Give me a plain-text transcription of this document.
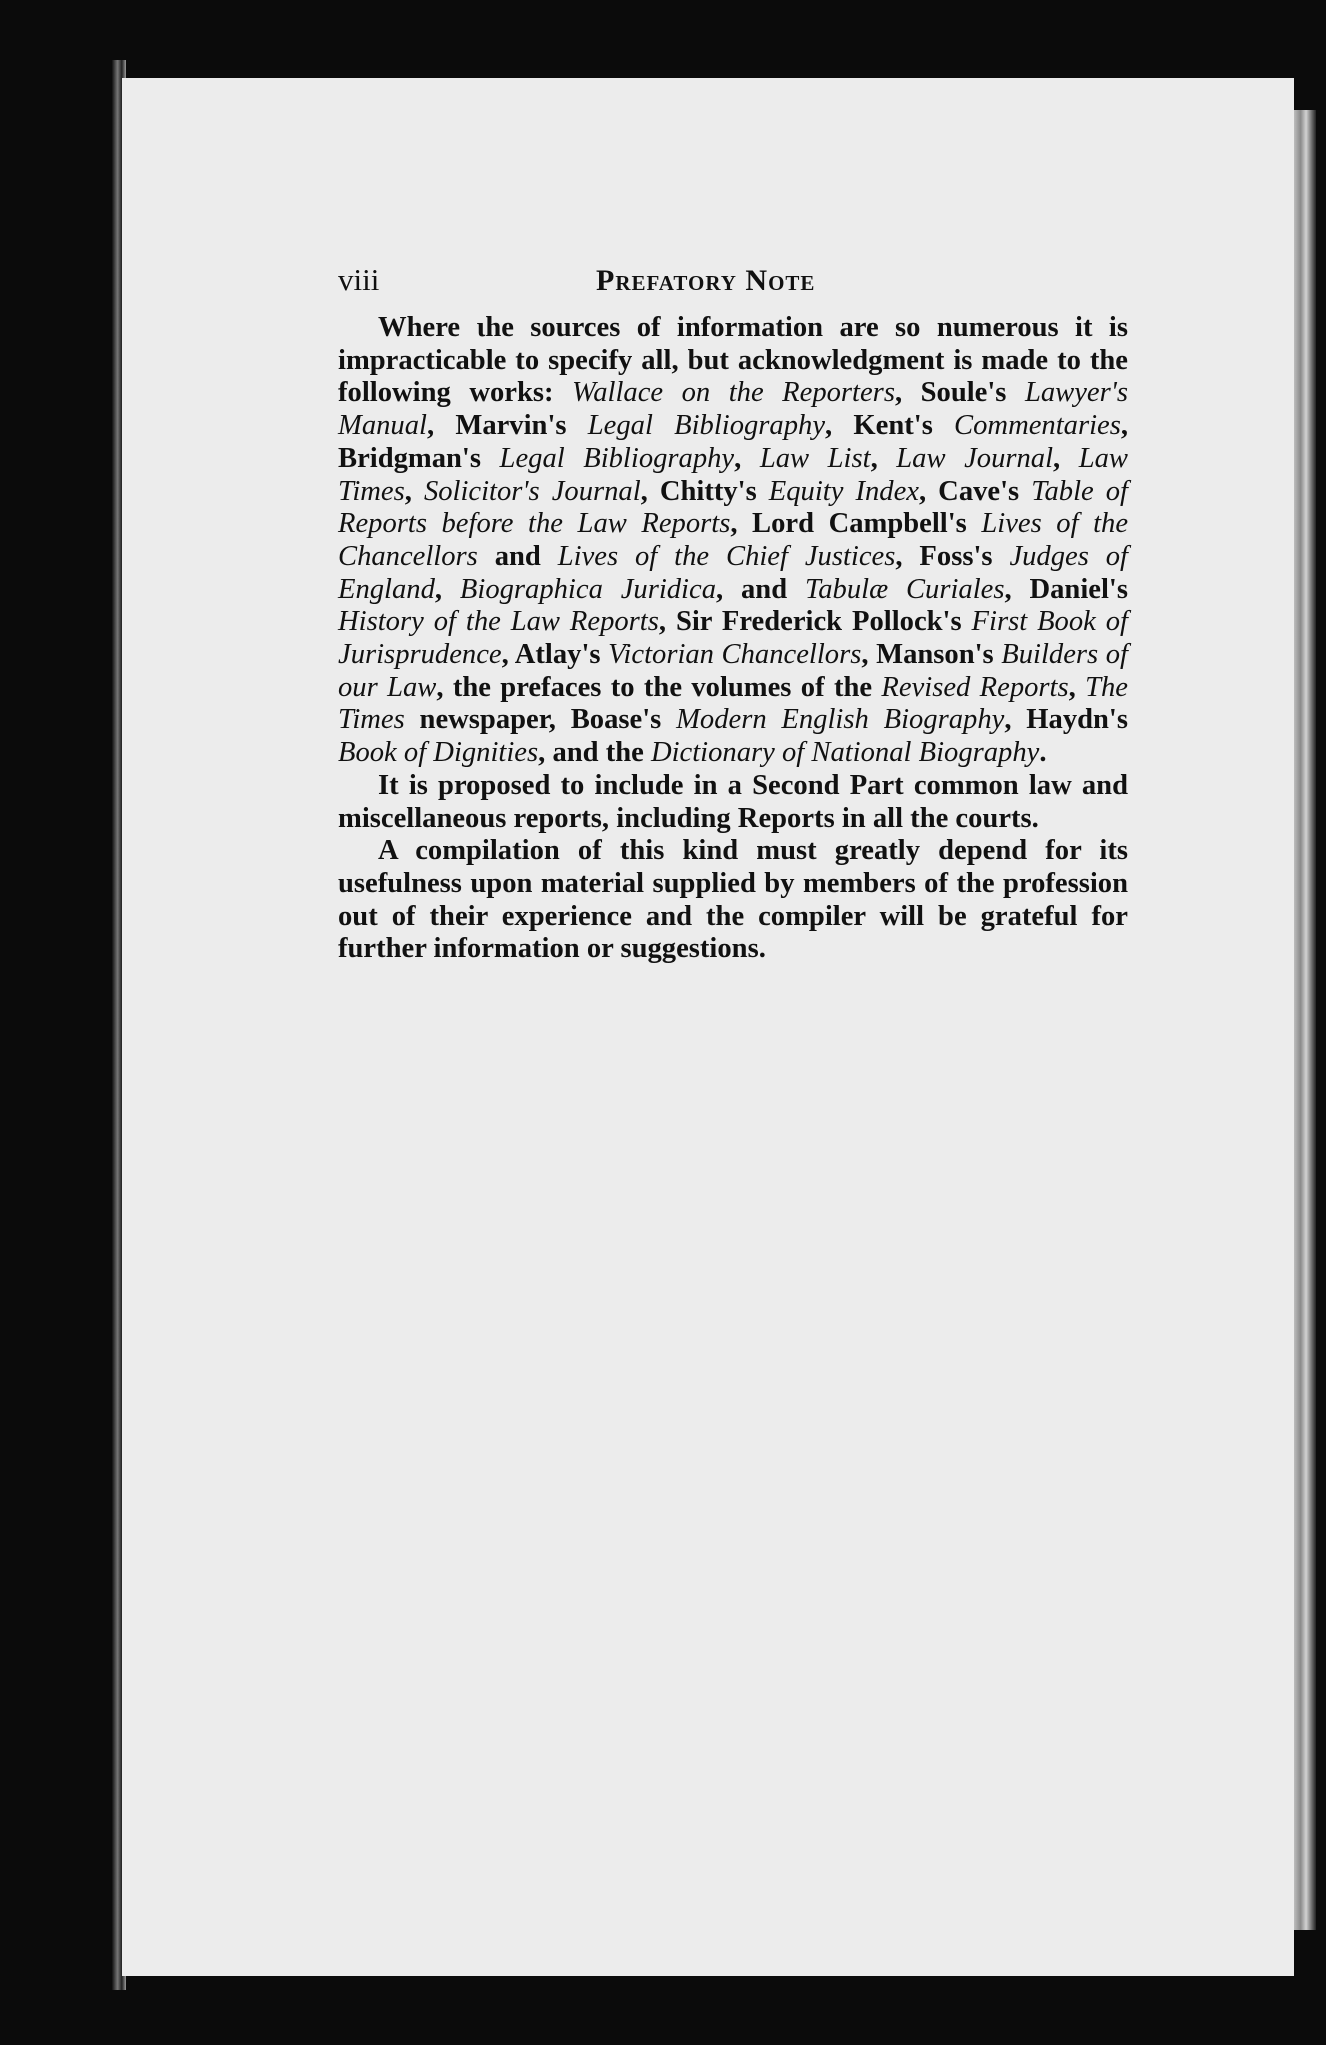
viii	Prefatory Note

Where ιhe sources of information are so numerous it is impracticable to specify all, but acknowledgment is made to the following works: Wallace on the Reporters, Soule's Lawyer's Manual, Marvin's Legal Bibliography, Kent's Commentaries, Bridgman's Legal Bibliography, Law List, Law Journal, Law Times, Solicitor's Journal, Chitty's Equity Index, Cave's Table of Reports before the Law Reports, Lord Campbell's Lives of the Chancellors and Lives of the Chief Justices, Foss's Judges of England, Biographica Juridica, and Tabulæ Curiales, Daniel's History of the Law Reports, Sir Frederick Pollock's First Book of Jurisprudence, Atlay's Victorian Chancellors, Manson's Builders of our Law, the prefaces to the volumes of the Revised Reports, The Times newspaper, Boase's Modern English Biography, Haydn's Book of Dignities, and the Dictionary of National Biography.

It is proposed to include in a Second Part common law and miscellaneous reports, including Reports in all the courts.

A compilation of this kind must greatly depend for its usefulness upon material supplied by members of the profession out of their experience and the compiler will be grateful for further information or suggestions.
